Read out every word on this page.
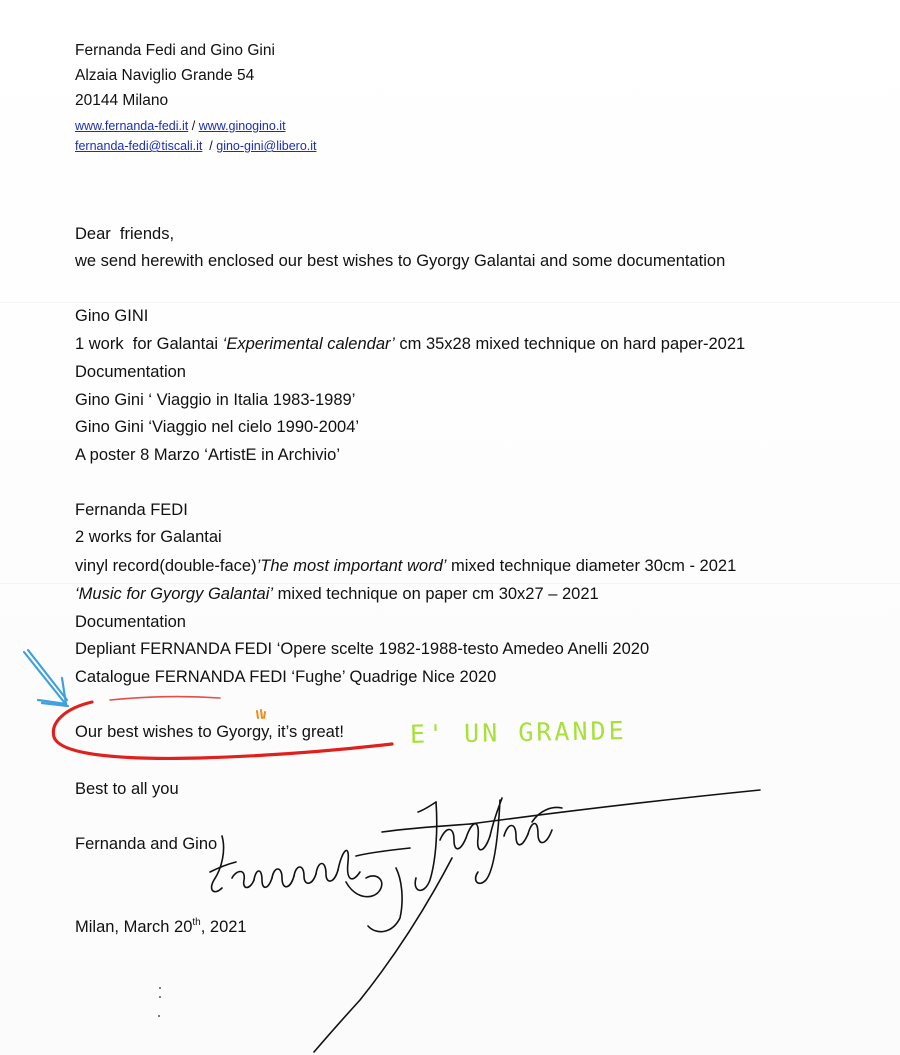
Fernanda Fedi and Gino Gini
Alzaia Naviglio Grande 54
20144 Milano
www.fernanda-fedi.it / www.ginogino.it
fernanda-fedi@tiscali.it  / gino-gini@libero.it
Dear  friends,
we send herewith enclosed our best wishes to Gyorgy Galantai and some documentation
Gino GINI
1 work  for Galantai ‘Experimental calendar’ cm 35x28 mixed technique on hard paper-2021
Documentation
Gino Gini ‘ Viaggio in Italia 1983-1989’
Gino Gini ‘Viaggio nel cielo 1990-2004’
A poster 8 Marzo ‘ArtistE in Archivio’
Fernanda FEDI
2 works for Galantai
vinyl record(double-face)’The most important word’ mixed technique diameter 30cm - 2021
‘Music for Gyorgy Galantai’ mixed technique on paper cm 30x27 – 2021
Documentation
Depliant FERNANDA FEDI ‘Opere scelte 1982-1988-testo Amedeo Anelli 2020
Catalogue FERNANDA FEDI ‘Fughe’ Quadrige Nice 2020
Our best wishes to Gyorgy, it’s great!	E' UN GRANDE
Best to all you
Fernanda and Gino
Milan, March 20th, 2021
